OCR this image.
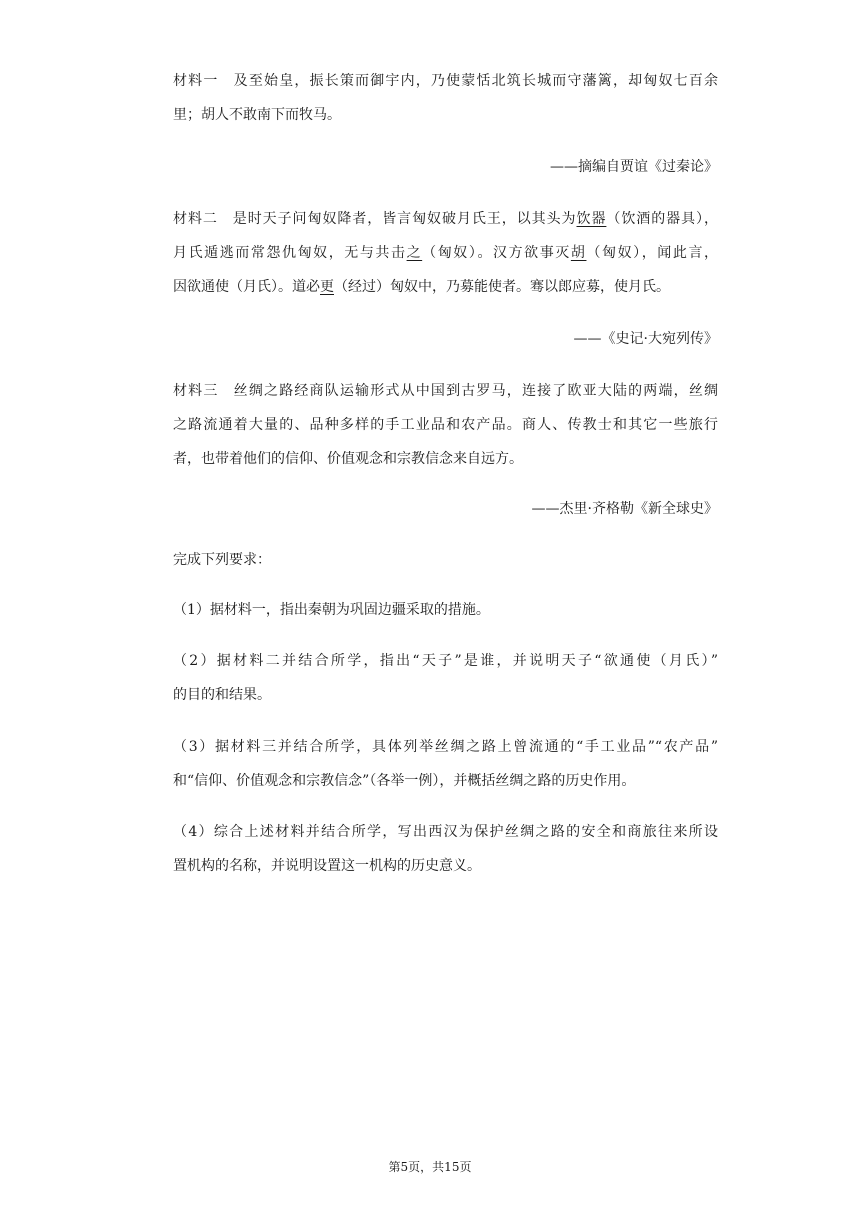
材料一　及至始皇，振长策而御宇内，乃使蒙恬北筑长城而守藩篱，却匈奴七百余
里；胡人不敢南下而牧马。
——摘编自贾谊《过秦论》
材料二　是时天子问匈奴降者，皆言匈奴破月氏王，以其头为饮器（饮酒的器具），
月氏遁逃而常怨仇匈奴，无与共击之（匈奴）。汉方欲事灭胡（匈奴），闻此言，
因欲通使（月氏）。道必更（经过）匈奴中，乃募能使者。骞以郎应募，使月氏。
——《史记·大宛列传》
材料三　丝绸之路经商队运输形式从中国到古罗马，连接了欧亚大陆的两端，丝绸
之路流通着大量的、品种多样的手工业品和农产品。商人、传教士和其它一些旅行
者，也带着他们的信仰、价值观念和宗教信念来自远方。
——杰里·齐格勒《新全球史》
完成下列要求：
（1）据材料一，指出秦朝为巩固边疆采取的措施。
（2）据材料二并结合所学，指出“天子”是谁，并说明天子“欲通使（月氏）”
的目的和结果。
（3）据材料三并结合所学，具体列举丝绸之路上曾流通的“手工业品”“农产品”
和“信仰、价值观念和宗教信念”（各举一例），并概括丝绸之路的历史作用。
（4）综合上述材料并结合所学，写出西汉为保护丝绸之路的安全和商旅往来所设
置机构的名称，并说明设置这一机构的历史意义。
第5页，共15页
